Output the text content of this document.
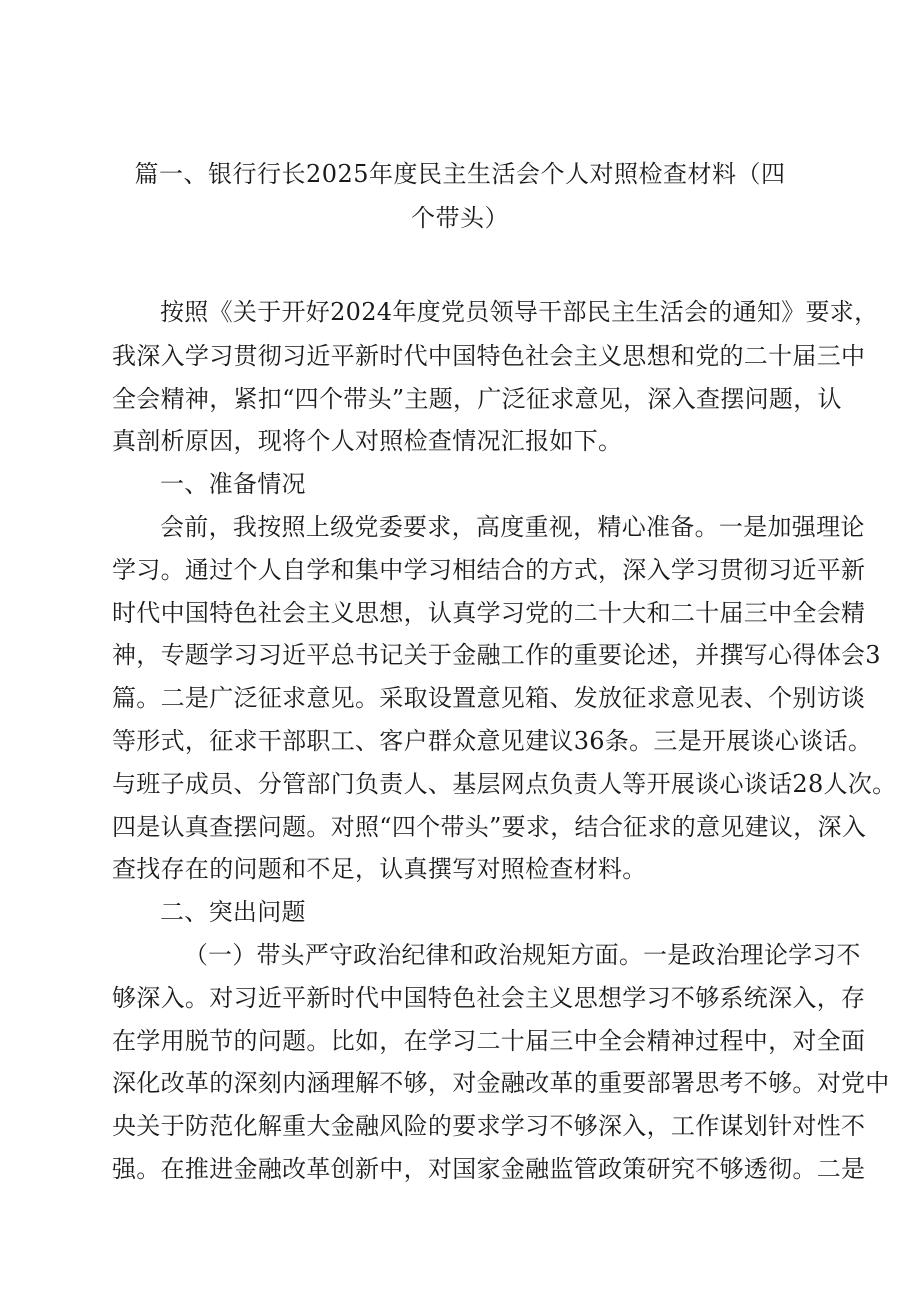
篇一、银行行长2025年度民主生活会个人对照检查材料（四
个带头）
按照《关于开好2024年度党员领导干部民主生活会的通知》要求，
我深入学习贯彻习近平新时代中国特色社会主义思想和党的二十届三中
全会精神，紧扣“四个带头”主题，广泛征求意见，深入查摆问题，认
真剖析原因，现将个人对照检查情况汇报如下。
一、准备情况
会前，我按照上级党委要求，高度重视，精心准备。一是加强理论
学习。通过个人自学和集中学习相结合的方式，深入学习贯彻习近平新
时代中国特色社会主义思想，认真学习党的二十大和二十届三中全会精
神，专题学习习近平总书记关于金融工作的重要论述，并撰写心得体会3
篇。二是广泛征求意见。采取设置意见箱、发放征求意见表、个别访谈
等形式，征求干部职工、客户群众意见建议36条。三是开展谈心谈话。
与班子成员、分管部门负责人、基层网点负责人等开展谈心谈话28人次。
四是认真查摆问题。对照“四个带头”要求，结合征求的意见建议，深入
查找存在的问题和不足，认真撰写对照检查材料。
二、突出问题
（一）带头严守政治纪律和政治规矩方面。一是政治理论学习不
够深入。对习近平新时代中国特色社会主义思想学习不够系统深入，存
在学用脱节的问题。比如，在学习二十届三中全会精神过程中，对全面
深化改革的深刻内涵理解不够，对金融改革的重要部署思考不够。对党中
央关于防范化解重大金融风险的要求学习不够深入，工作谋划针对性不
强。在推进金融改革创新中，对国家金融监管政策研究不够透彻。二是
